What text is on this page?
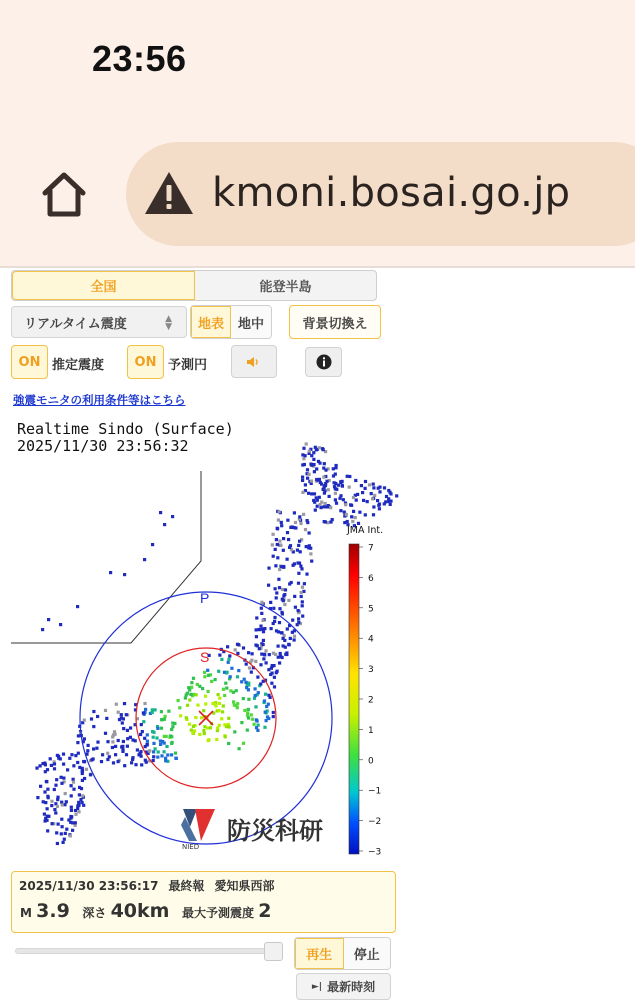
23:56
kmoni.bosai.go.jp
全国	能登半島
リアルタイム震度	▲
▼	地表	地中	背景切換え
ON 推定震度	ON 予測円
強震モニタの利用条件等はこちら
P
S
JMA Int.
7
6
5
4
3
2
1
0
−1
−2
−3
防災科研
NIED
Realtime Sindo (Surface)
2025/11/30 23:56:32
2025/11/30 23:56:17 最終報 愛知県西部
M 3.9 深さ 40km 最大予測震度 2
再生	停止
►| 最新時刻
